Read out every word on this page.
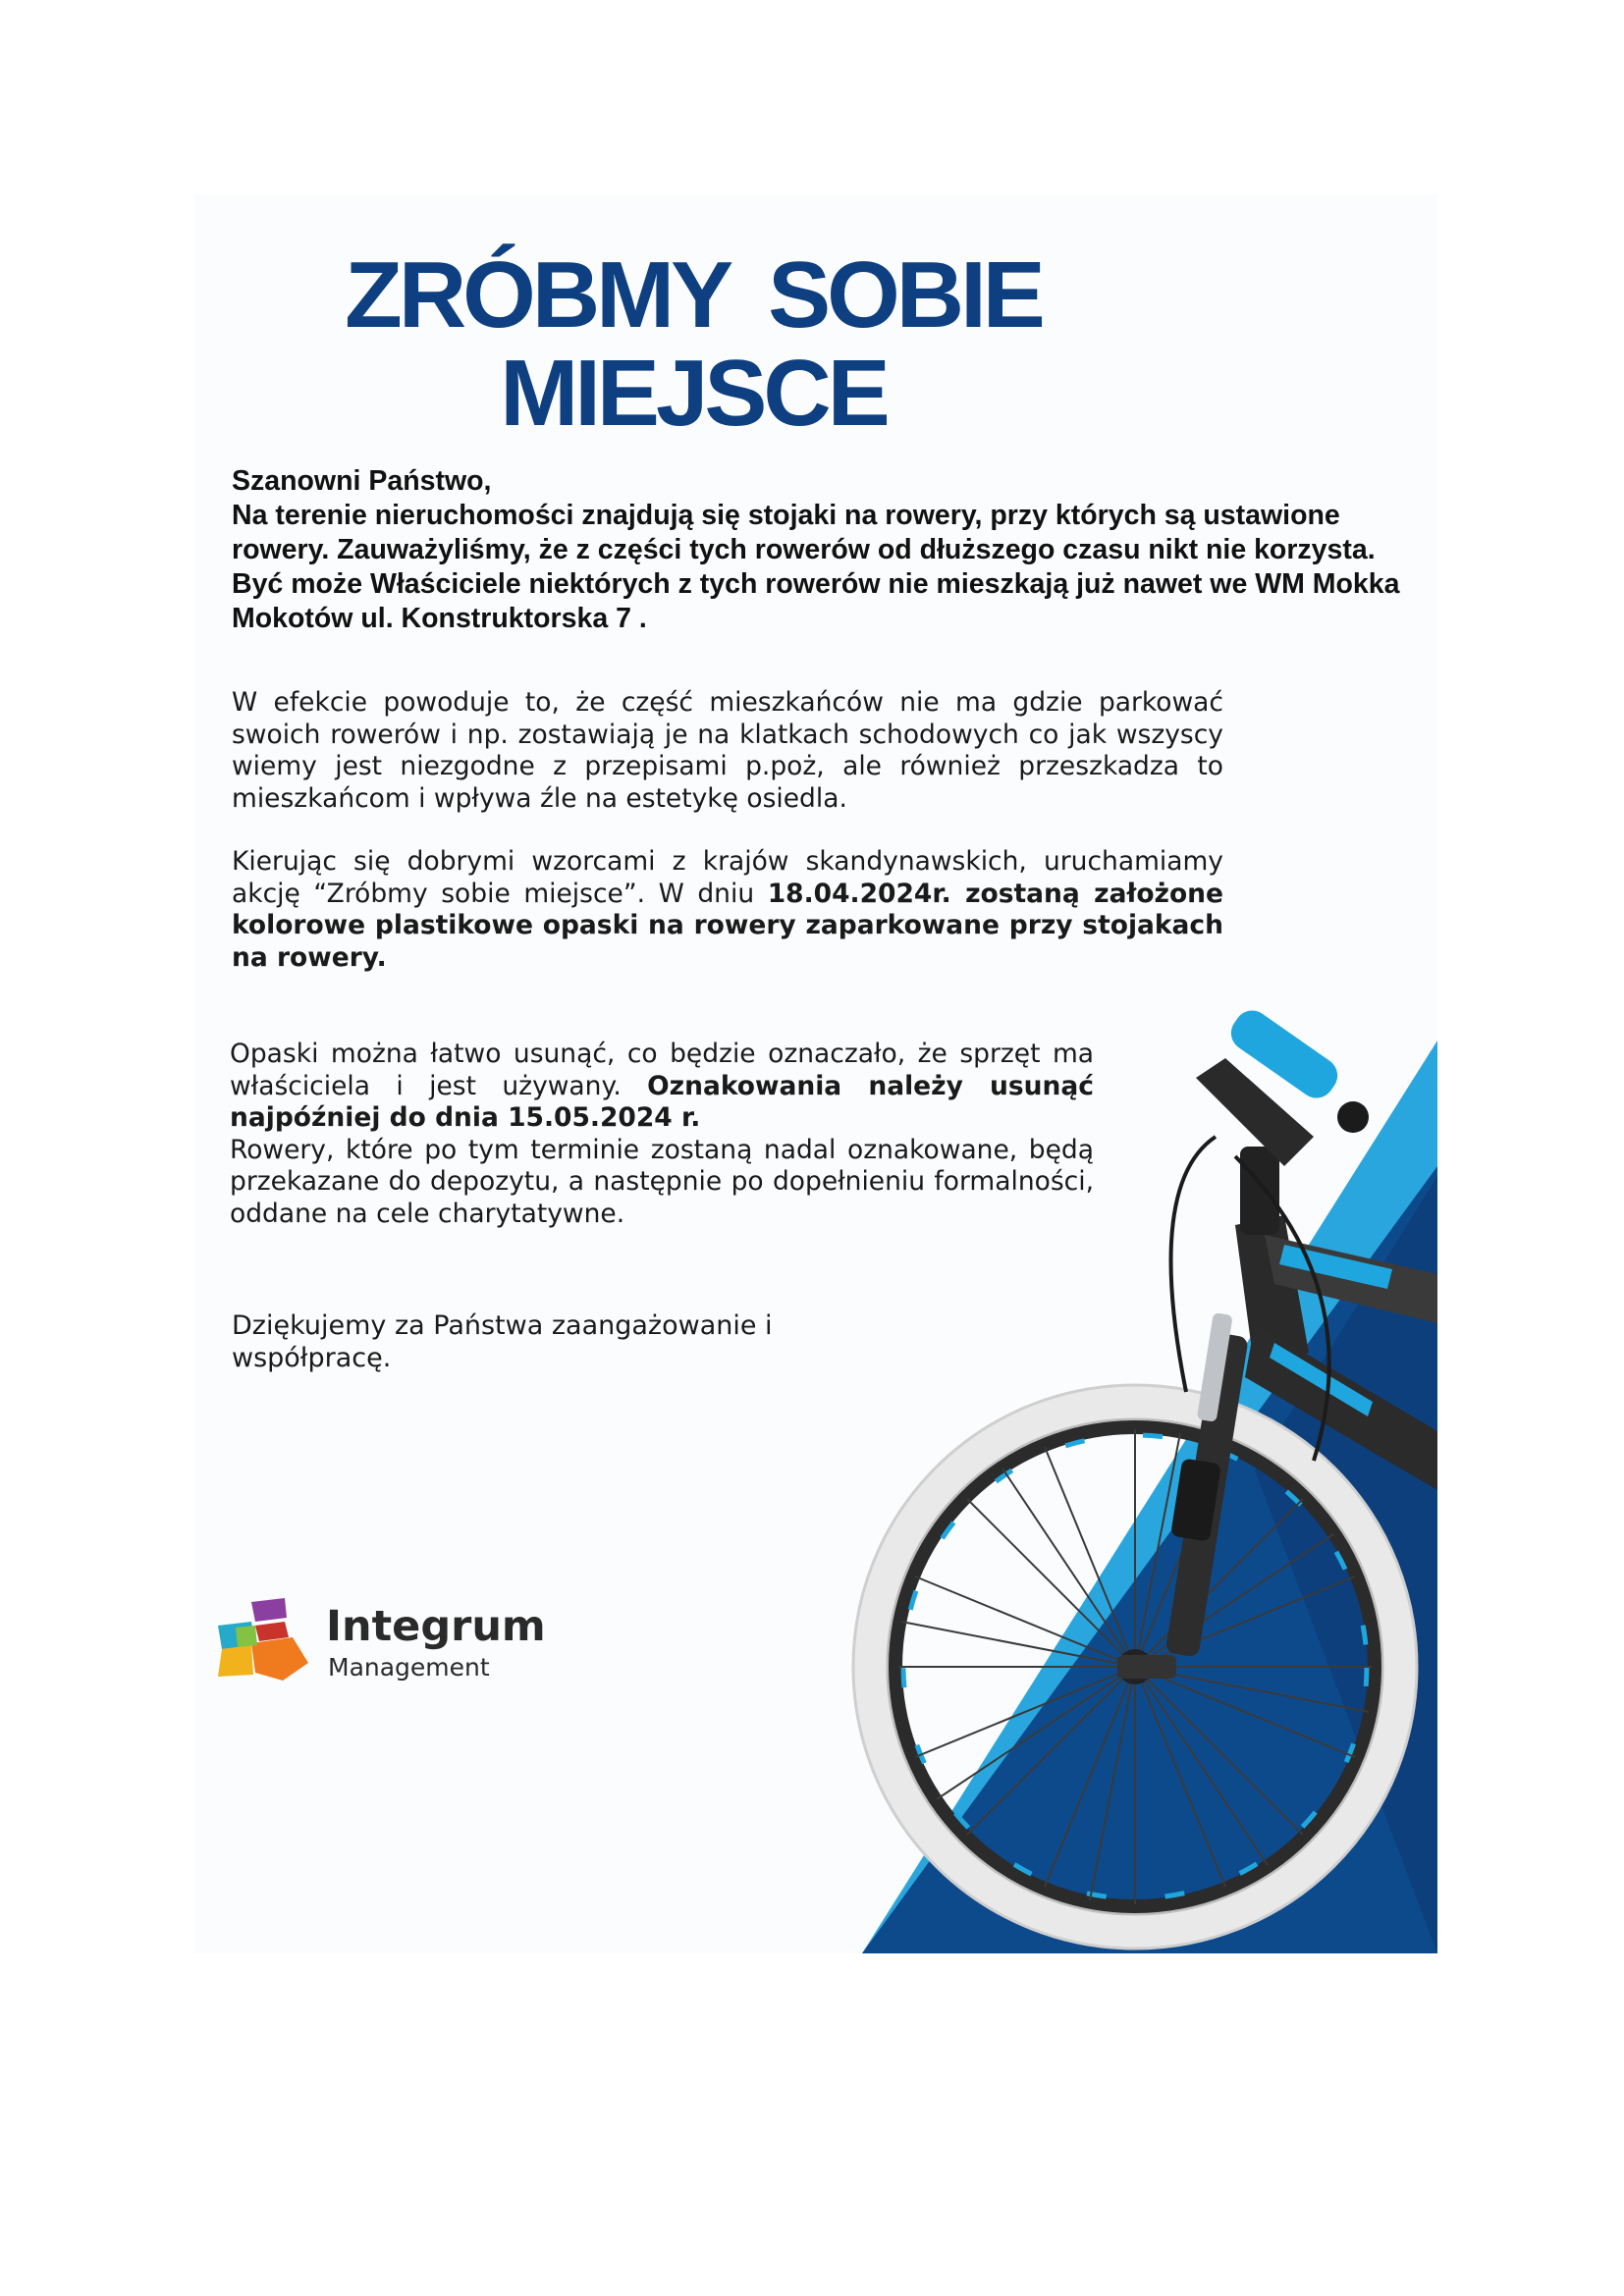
ZRÓBMY SOBIE
MIEJSCE

Szanowni Państwo,

Na terenie nieruchomości znajdują się stojaki na rowery, przy których są ustawione rowery. Zauważyliśmy, że z części tych rowerów od dłuższego czasu nikt nie korzysta.

Być może Właściciele niektórych z tych rowerów nie mieszkają już nawet we WM Mokka Mokotów ul. Konstruktorska 7 .

W efekcie powoduje to, że część mieszkańców nie ma gdzie parkować swoich rowerów i np. zostawiają je na klatkach schodowych co jak wszyscy wiemy jest niezgodne z przepisami p.poż, ale również przeszkadza to mieszkańcom i wpływa źle na estetykę osiedla.

Kierując się dobrymi wzorcami z krajów skandynawskich, uruchamiamy akcję “Zróbmy sobie miejsce”. W dniu 18.04.2024r. zostaną założone kolorowe plastikowe opaski na rowery zaparkowane przy stojakach na rowery.

Opaski można łatwo usunąć, co będzie oznaczało, że sprzęt ma właściciela i jest używany. Oznakowania należy usunąć najpóźniej do dnia 15.05.2024 r.
Rowery, które po tym terminie zostaną nadal oznakowane, będą przekazane do depozytu, a następnie po dopełnieniu formalności, oddane na cele charytatywne.

Dziękujemy za Państwa zaangażowanie i współpracę.

Integrum
Management
